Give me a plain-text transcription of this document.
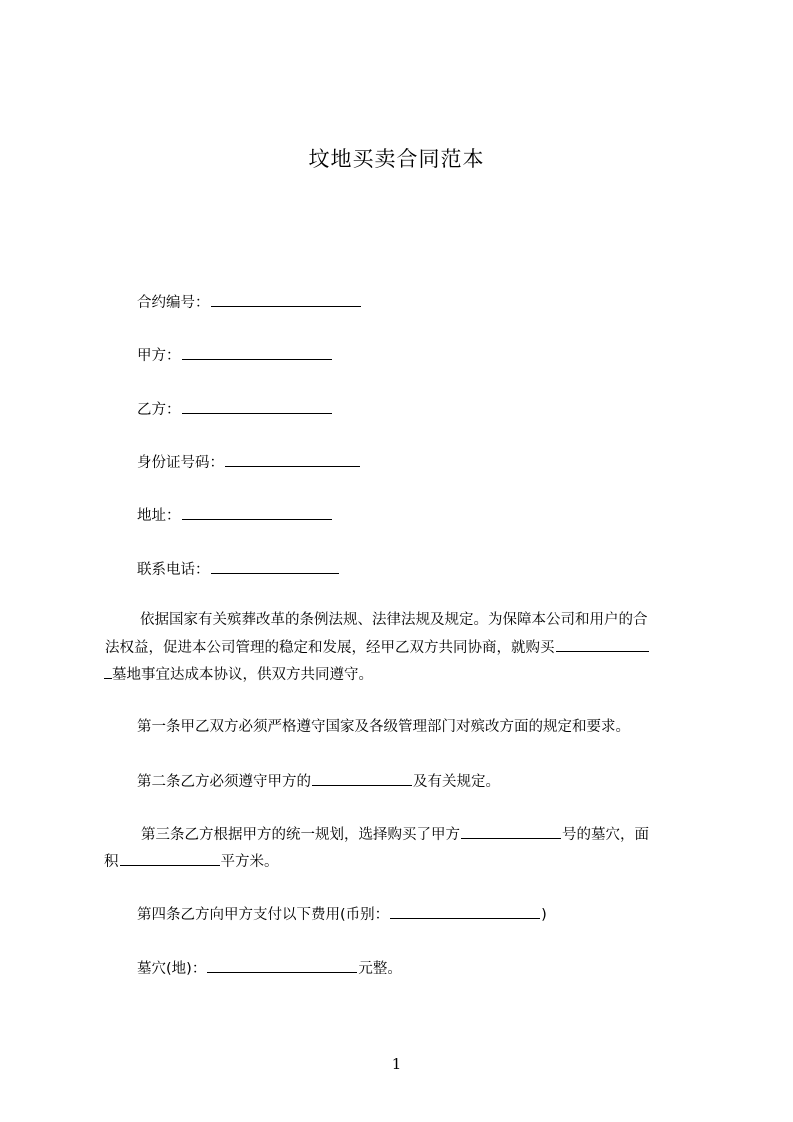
坟地买卖合同范本
合约编号：
甲方：
乙方：
身份证号码：
地址：
联系电话：
依据国家有关殡葬改革的条例法规、法律法规及规定。为保障本公司和用户的合
法权益，促进本公司管理的稳定和发展，经甲乙双方共同协商，就购买
墓地事宜达成本协议，供双方共同遵守。
第一条甲乙双方必须严格遵守国家及各级管理部门对殡改方面的规定和要求。
第二条乙方必须遵守甲方的	及有关规定。
第三条乙方根据甲方的统一规划，选择购买了甲方	号的墓穴，面
积	平方米。
第四条乙方向甲方支付以下费用(币别：	)
墓穴(地)：	元整。
1
